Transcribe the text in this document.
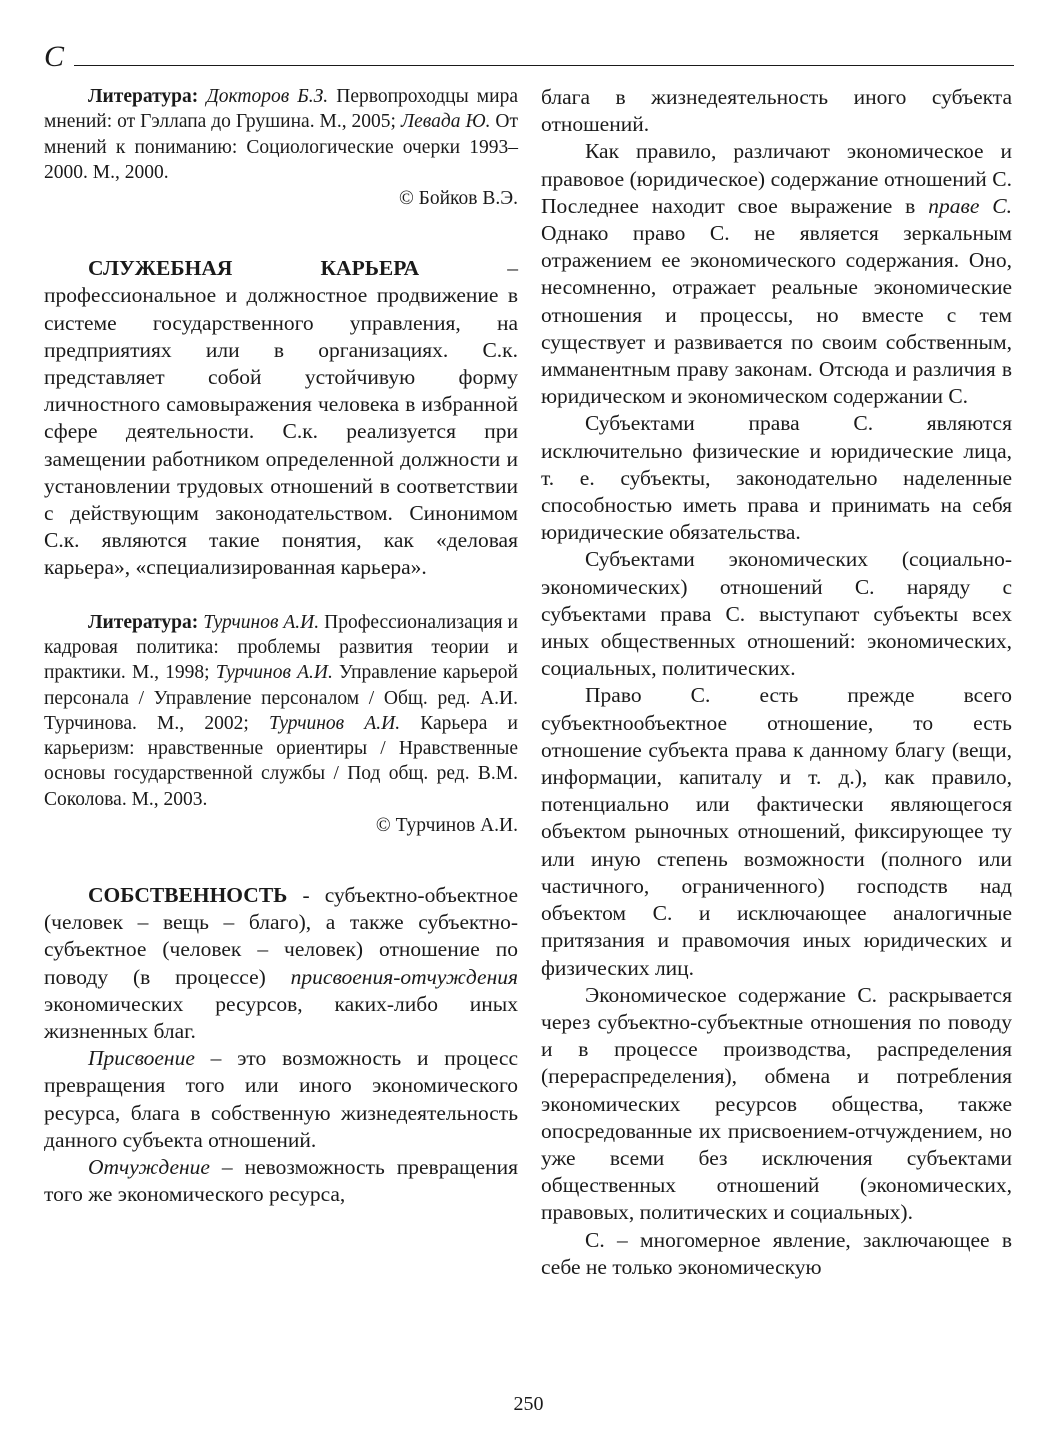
С

Литература: Докторов Б.З. Первопроходцы мира мнений: от Гэллапа до Грушина. М., 2005; Левада Ю. От мнений к пониманию: Социологические очерки 1993–2000. М., 2000.

© Бойков В.Э.

СЛУЖЕБНАЯ КАРЬЕРА – профессиональное и должностное продвижение в системе государственного управления, на предприятиях или в организациях. С.к. представляет собой устойчивую форму личностного самовыражения человека в избранной сфере деятельности. С.к. реализуется при замещении работником определенной должности и установлении трудовых отношений в соответствии с действующим законодательством. Синонимом С.к. являются такие понятия, как «деловая карьера», «специализированная карьера».

Литература: Турчинов А.И. Профессионализация и кадровая политика: проблемы развития теории и практики. М., 1998; Турчинов А.И. Управление карьерой персонала / Управление персоналом / Общ. ред. А.И. Турчинова. М., 2002; Турчинов А.И. Карьера и карьеризм: нравственные ориентиры / Нравственные основы государственной службы / Под общ. ред. В.М. Соколова. М., 2003.

© Турчинов А.И.

СОБСТВЕННОСТЬ - субъектно-объектное (человек – вещь – благо), а также субъектно-субъектное (человек – человек) отношение по поводу (в процессе) присвоения-отчуждения экономических ресурсов, каких-либо иных жизненных благ.

Присвоение – это возможность и процесс превращения того или иного экономического ресурса, блага в собственную жизнедеятельность данного субъекта отношений.

Отчуждение – невозможность превращения того же экономического ресурса,

блага в жизнедеятельность иного субъекта отношений.

Как правило, различают экономическое и правовое (юридическое) содержание отношений С. Последнее находит свое выражение в праве С. Однако право С. не является зеркальным отражением ее экономического содержания. Оно, несомненно, отражает реальные экономические отношения и процессы, но вместе с тем существует и развивается по своим собственным, имманентным праву законам. Отсюда и различия в юридическом и экономическом содержании С.

Субъектами права С. являются исключительно физические и юридические лица, т. е. субъекты, законодательно наделенные способностью иметь права и принимать на себя юридические обязательства.

Субъектами экономических (социально-экономических) отношений С. наряду с субъектами права С. выступают субъекты всех иных общественных отношений: экономических, социальных, политических.

Право С. есть прежде всего субъектнообъектное отношение, то есть отношение субъекта права к данному благу (вещи, информации, капиталу и т. д.), как правило, потенциально или фактически являющегося объектом рыночных отношений, фиксирующее ту или иную степень возможности (полного или частичного, ограниченного) господств над объектом С. и исключающее аналогичные притязания и правомочия иных юридических и физических лиц.

Экономическое содержание С. раскрывается через субъектно-субъектные отношения по поводу и в процессе производства, распределения (перераспределения), обмена и потребления экономических ресурсов общества, также опосредованные их присвоением-отчуждением, но уже всеми без исключения субъектами общественных отношений (экономических, правовых, политических и социальных).

С. – многомерное явление, заключающее в себе не только экономическую

250
